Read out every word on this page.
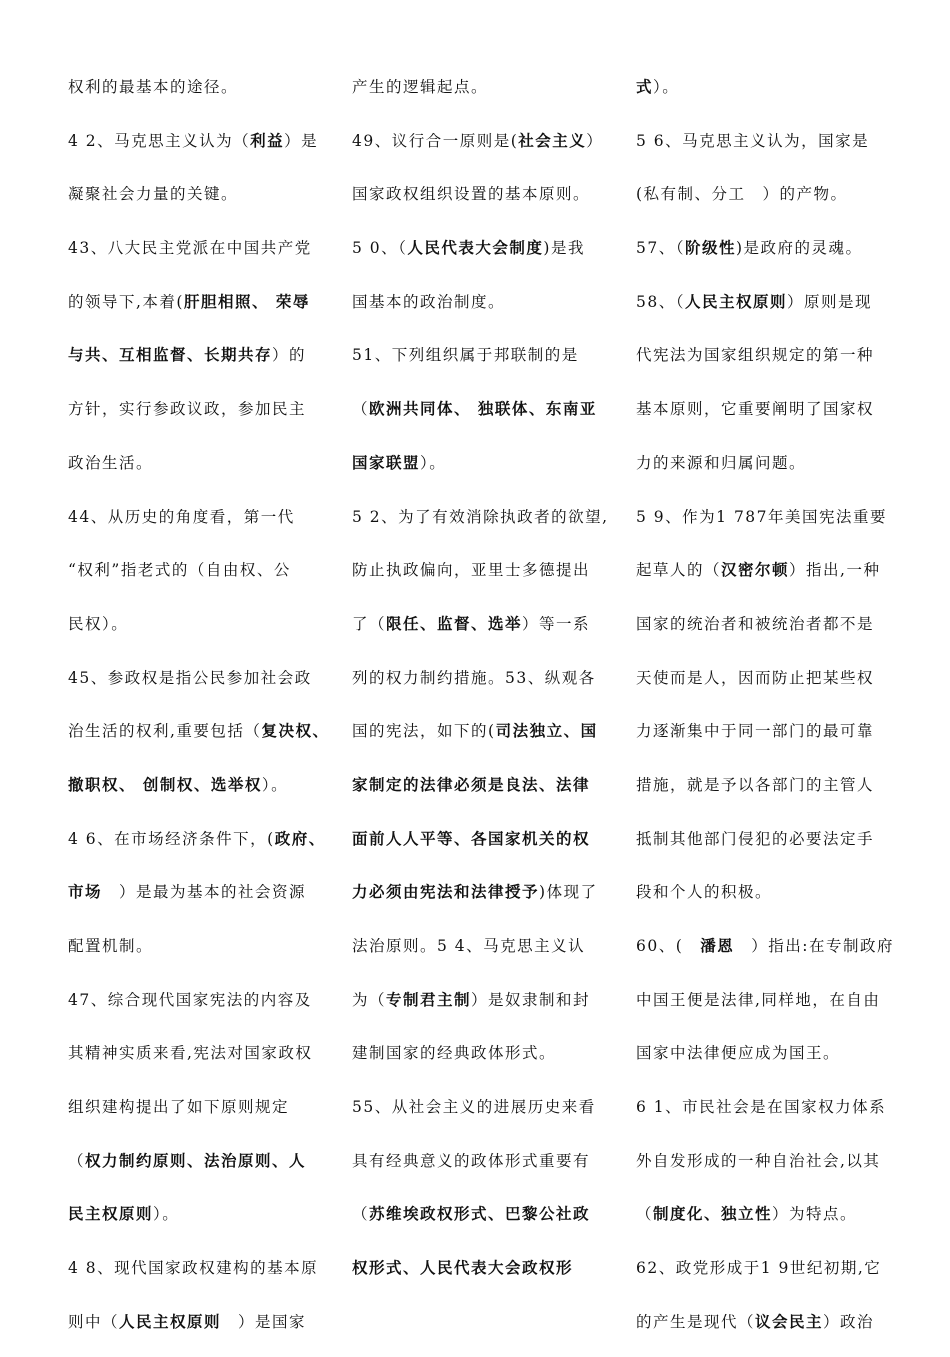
权利的最基本的途径。
4 2、马克思主义认为（利益）是
凝聚社会力量的关键。
43、八大民主党派在中国共产党
的领导下,本着(肝胆相照、 荣辱
与共、互相监督、长期共存）的
方针，实行参政议政，参加民主
政治生活。
44、从历史的角度看，第一代
“权利”指老式的（自由权、公
民权）。
45、参政权是指公民参加社会政
治生活的权利,重要包括（复决权、
撤职权、 创制权、选举权）。
4 6、在市场经济条件下，(政府、
市场　）是最为基本的社会资源
配置机制。
47、综合现代国家宪法的内容及
其精神实质来看,宪法对国家政权
组织建构提出了如下原则规定
（权力制约原则、法治原则、人
民主权原则）。
4 8、现代国家政权建构的基本原
则中（人民主权原则　）是国家
产生的逻辑起点。
49、议行合一原则是(社会主义）
国家政权组织设置的基本原则。
5 0、（人民代表大会制度)是我
国基本的政治制度。
51、下列组织属于邦联制的是
（欧洲共同体、 独联体、东南亚
国家联盟）。
5 2、为了有效消除执政者的欲望,
防止执政偏向，亚里士多德提出
了（限任、监督、选举）等一系
列的权力制约措施。53、纵观各
国的宪法，如下的(司法独立、国
家制定的法律必须是良法、法律
面前人人平等、各国家机关的权
力必须由宪法和法律授予)体现了
法治原则。5 4、马克思主义认
为（专制君主制）是奴隶制和封
建制国家的经典政体形式。
55、从社会主义的进展历史来看
具有经典意义的政体形式重要有
（苏维埃政权形式、巴黎公社政
权形式、人民代表大会政权形
式）。
5 6、马克思主义认为，国家是
(私有制、分工　）的产物。
57、（阶级性)是政府的灵魂。
58、（人民主权原则）原则是现
代宪法为国家组织规定的第一种
基本原则，它重要阐明了国家权
力的来源和归属问题。
5 9、作为1 787年美国宪法重要
起草人的（汉密尔顿）指出,一种
国家的统治者和被统治者都不是
天使而是人，因而防止把某些权
力逐渐集中于同一部门的最可靠
措施，就是予以各部门的主管人
抵制其他部门侵犯的必要法定手
段和个人的积极。
60、(　潘恩　）指出:在专制政府
中国王便是法律,同样地，在自由
国家中法律便应成为国王。
6 1、市民社会是在国家权力体系
外自发形成的一种自治社会,以其
（制度化、独立性）为特点。
62、政党形成于1 9世纪初期,它
的产生是现代（议会民主）政治
